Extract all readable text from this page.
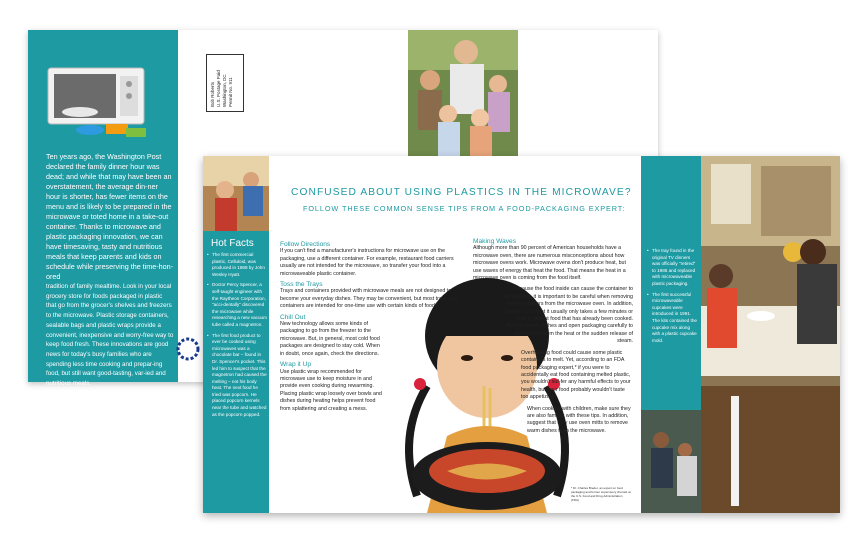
Ten years ago, the Washington Post declared the family dinner hour was dead; and while that may have been an overstatement, the average din-ner hour is shorter, has fewer items on the menu and is likely to be prepared in the microwave or toted home in a take-out container. Thanks to microwave and plastic packaging innovation, we can have timesaving, tasty and nutritious meals that keep parents and kids on schedule while preserving the time-hon-ored

tradition of family mealtime. Look in your local grocery store for foods packaged in plastic that go from the grocer's shelves and freezers to the microwave. Plastic storage containers, sealable bags and plastic wraps provide a convenient, inexpensive and worry-free way to keep food fresh. These innovations are good news for today's busy families who are spending less time cooking and prepar-ing food, but still want good-tasting, var-ied and nutritious meals.

Bob Roberts U.S. Postage Paid Washington, DC Permit No. 911
Hot Facts
• The first commercial plastic, Celluloid, was produced in 1868 by John Wesley Hyatt.
• Doctor Percy Spencer, a self-taught engineer with the Raytheon Corporation, "acci-dentally" discovered the microwave while researching a new vacuum tube called a magnetron.
• The first food product to ever be cooked using microwaves was a chocolate bar – found in Dr. Spencer's pocket. This led him to suspect that the magnetron had caused the melting – not his body heat. The next food he tried was popcorn. He placed popcorn kernels near the tube and watched as the popcorn popped.
CONFUSED ABOUT USING PLASTICS IN THE MICROWAVE?
FOLLOW THESE COMMON SENSE TIPS FROM A FOOD-PACKAGING EXPERT:
Follow Directions

If you can't find a manufacturer's instructions for microwave use on the packaging, use a different container. For example, restaurant food carriers usually are not intended for the microwave, so transfer your food into a microwaveable plastic container.

Toss the Trays

Trays and containers provided with microwave meals are not designed to become your everyday dishes. They may be convenient, but most trays and containers are intended for one-time use with certain kinds of foods.

Chill Out

New technology allows some kinds of packaging to go from the freezer to the microwave. But, in general, most cold food packages are designed to stay cold. When in doubt, once again, check the directions.

Wrap it Up

Use plastic wrap recommended for microwave use to keep moisture in and provide even cooking during rewarming. Placing plastic wrap loosely over bowls and dishes during heating helps prevent food from splattering and creating a mess.

Making Waves

Although more than 90 percent of American households have a microwave oven, there are numerous misconceptions about how microwave ovens work. Microwave ovens don't produce heat, but use waves of energy that heat the food. That means the heat in a microwave oven is coming from the food itself.

Because the food inside can cause the container to become hot, it is important to be careful when removing food containers from the microwave oven. In addition, keep in mind that it usually only takes a few minutes or less to reheat food that has already been cooked. Always handle dishes and open packaging carefully to avoid burns from the heat or the sudden release of steam.

Overheating food could cause some plastic containers to melt. Yet, according to an FDA food packaging expert,* if you were to accidentally eat food containing melted plastic, you wouldn't suf-fer any harmful effects to your health, but your food probably wouldn't taste too appetizing.

When cooking with children, make sure they are also familiar with these tips. In addition, suggest that they use oven mitts to remove warm dishes from the microwave.

* Dr. Charles Breder, an expert on food packaging and former supervisory chemist at the U.S. Food and Drug Administration (FDA)
• The tray found in the original TV dinners was officially "retired" to 1986 and replaced with microwaveable plastic packaging.
• The first successful microwaveable cupcakes were introduced in 1991. The kits contained the cupcake mix along with a plastic cupcake mold.
